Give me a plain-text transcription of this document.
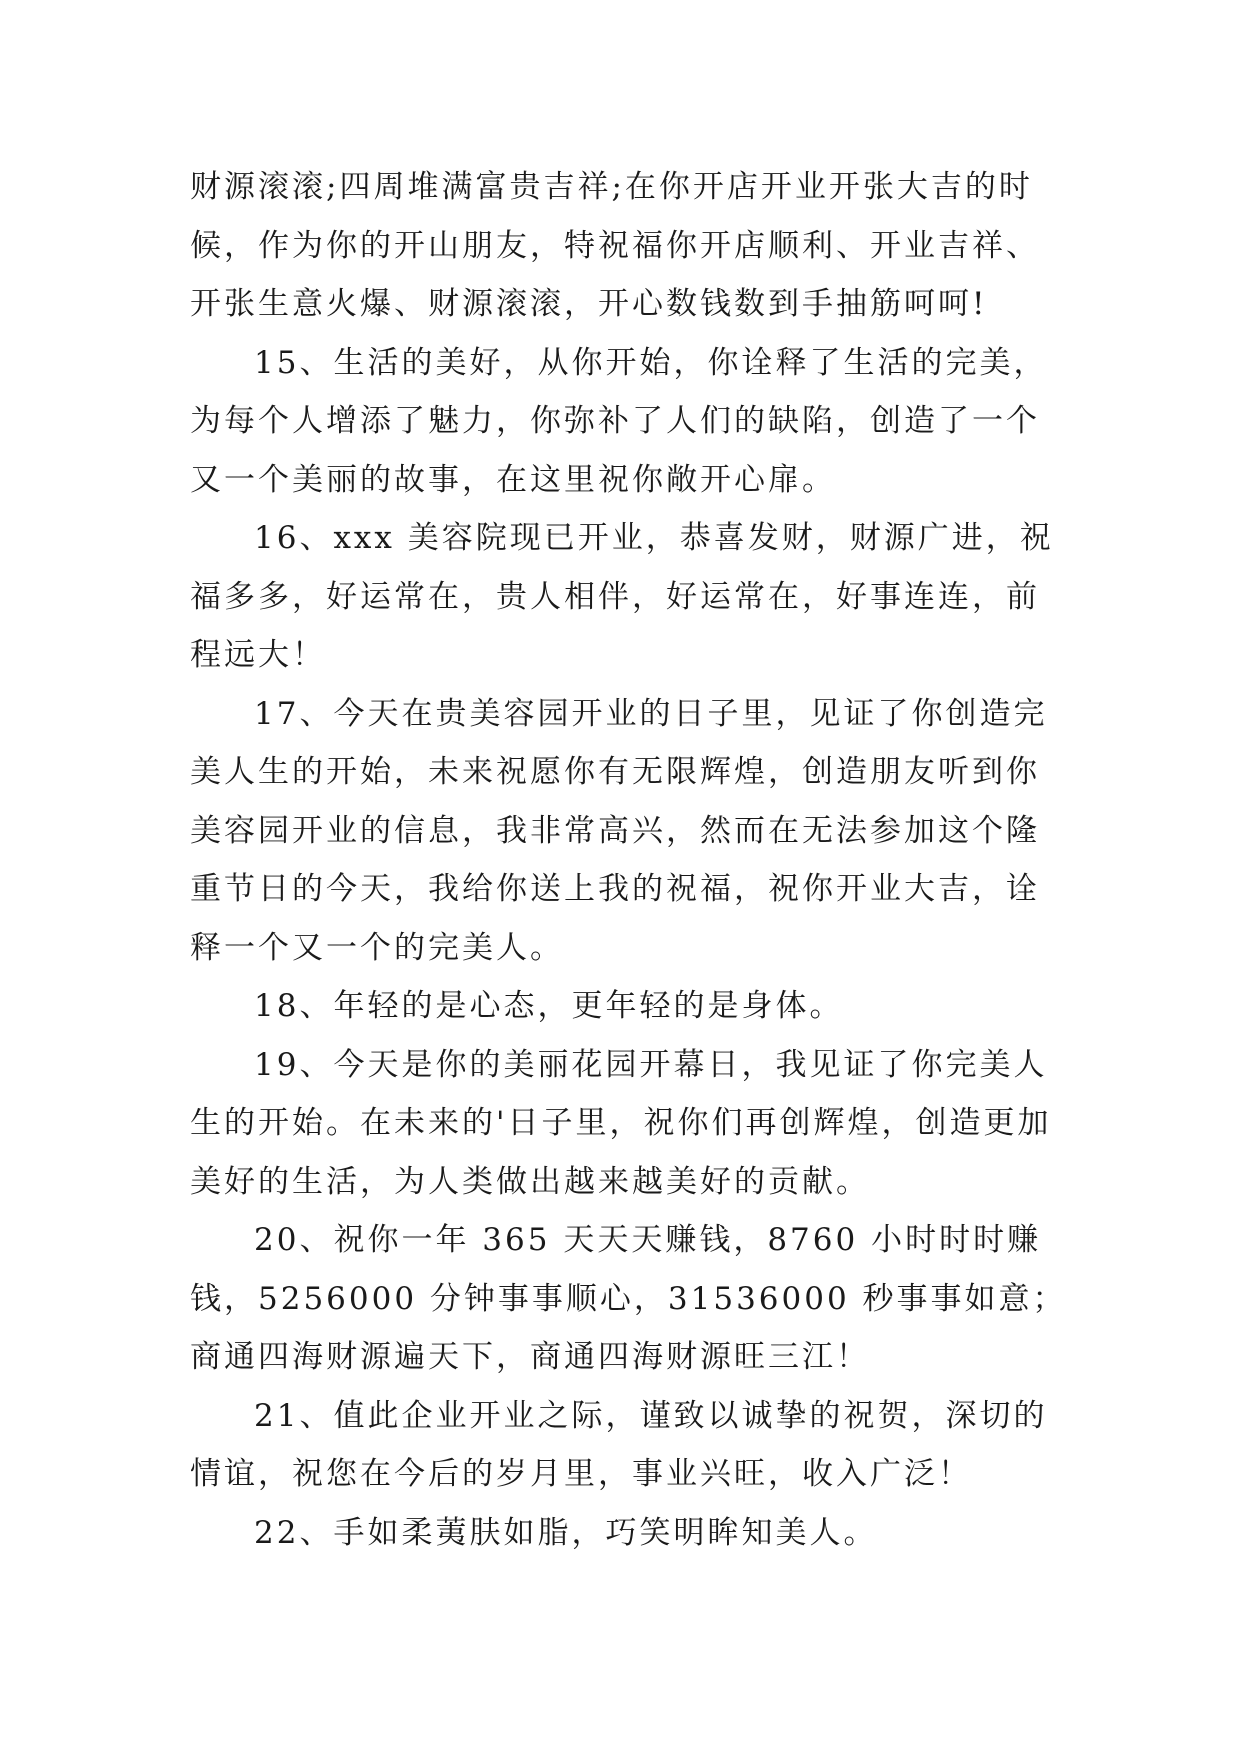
财源滚滚;四周堆满富贵吉祥;在你开店开业开张大吉的时候，作为你的开山朋友，特祝福你开店顺利、开业吉祥、开张生意火爆、财源滚滚，开心数钱数到手抽筋呵呵!

15、生活的美好，从你开始，你诠释了生活的完美，为每个人增添了魅力，你弥补了人们的缺陷，创造了一个又一个美丽的故事，在这里祝你敞开心扉。

16、xxx 美容院现已开业，恭喜发财，财源广进，祝福多多，好运常在，贵人相伴，好运常在，好事连连，前程远大！

17、今天在贵美容园开业的日子里，见证了你创造完美人生的开始，未来祝愿你有无限辉煌，创造朋友听到你美容园开业的信息，我非常高兴，然而在无法参加这个隆重节日的今天，我给你送上我的祝福，祝你开业大吉，诠释一个又一个的完美人。

18、年轻的是心态，更年轻的是身体。

19、今天是你的美丽花园开幕日，我见证了你完美人生的开始。在未来的'日子里，祝你们再创辉煌，创造更加美好的生活，为人类做出越来越美好的贡献。

20、祝你一年 365 天天天赚钱，8760 小时时时赚钱，5256000 分钟事事顺心，31536000 秒事事如意；商通四海财源遍天下，商通四海财源旺三江！

21、值此企业开业之际，谨致以诚挚的祝贺，深切的情谊，祝您在今后的岁月里，事业兴旺，收入广泛！

22、手如柔荑肤如脂，巧笑明眸知美人。
